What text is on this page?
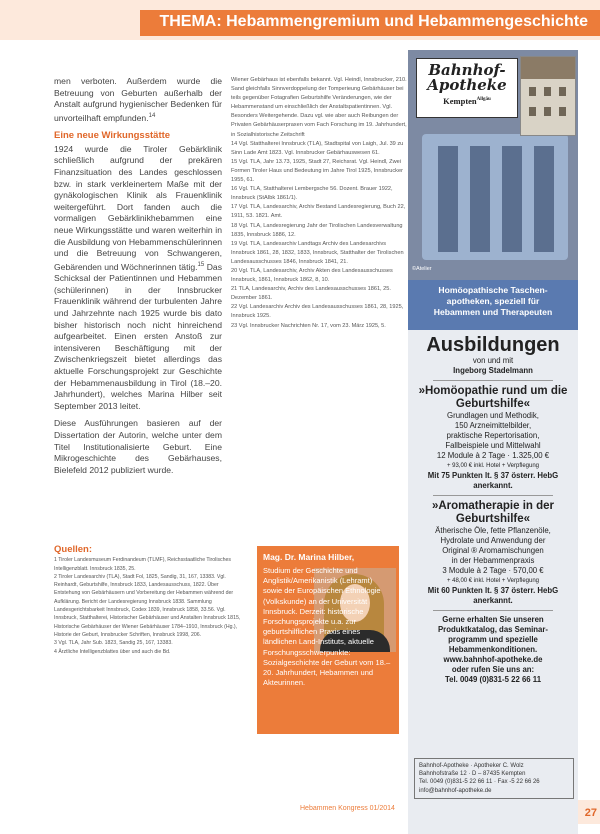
THEMA: Hebammengremium und Hebammengeschichte

men verboten. Außerdem wurde die Betreuung von Geburten außerhalb der Anstalt aufgrund hygienischer Bedenken für unvorteilhaft empfunden.$^{14}$

Eine neue Wirkungsstätte

1924 wurde die Tiroler Gebärklinik schließlich aufgrund der prekären Finanzsituation des Landes geschlossen bzw. in stark verkleinertem Maße mit der gynäkologischen Klinik als Frauenklinik weitergeführt. Dort fanden auch die vormaligen Gebärklinikhebammen eine neue Wirkungsstätte und waren weiterhin in die Ausbildung von Hebammenschülerinnen und die Betreuung von Schwangeren, Gebärenden und Wöchnerinnen tätig.$^{15}$ Das Schicksal der Patientinnen und Hebammen (schülerinnen) in der Innsbrucker Frauenklinik während der turbulenten Jahre und Jahrzehnte nach 1925 wurde bis dato bisher historisch noch nicht hinreichend aufgearbeitet. Einen ersten Anstoß zur intensiveren Beschäftigung mit der Zwischenkriegszeit bietet allerdings das aktuelle Forschungsprojekt zur Geschichte der Hebammenausbildung in Tirol (18.–20. Jahrhundert), welches Marina Hilber seit September 2013 leitet.

Diese Ausführungen basieren auf der Dissertation der Autorin, welche unter dem Titel Institutionalisierte Geburt. Eine Mikrogeschichte des Gebärhauses, Bielefeld 2012 publiziert wurde.

Wiener Gebärhaus ist ebenfalls bekannt. Vgl. Heindl, Innsbrucker, 210. Sand gleichfalls Sinnverdoppelung der Tomperieung Gebärhäuser bei teils gegenüber Fotagrafien Geburtshilfe Veränderungen, wie der Hebammenstand um einschließlich der Anstaltspatientinnen. Vgl. Besonders Weitergehende. Dazu vgl. wie aber auch Reibungen der Privaten Gebärhäuserpraxen vom Fach Forschung im 19. Jahrhundert, in Sozialhistorische Zeitschrift

14 Vgl. Statthalterei Innsbruck (TLA), Stadtspital von Laigh, Jul. 39 zu Sinn Lade Amt 1823. Vgl. Innsbrucker Gebärhauswesen 61.

15 Vgl. TLA, Jahr 13.73, 1925, Stadt 27, Reichsrat. Vgl. Heindl, Zwei Formen Tiroler Haus und Bedeutung im Jahre Tirol 1925, Innsbrucker 1955, 61.

16 Vgl. TLA, Statthalterei Lembergsche 56. Dozent. Brauer 1922, Innsbruck (StAIbk 1861/1).

17 Vgl. TLA, Landesarchiv, Archiv Bestand Landesregierung, Buch 22, 1911, 53. 1821. Amt.

18 Vgl. TLA, Landesregierung Jahr der Tirolischen Landesverwaltung 1835, Innsbruck 1886, 12.

19 Vgl. TLA, Landesarchiv Landtags Archiv des Landesarchivs Innsbruck 1861, 28, 1832, 1833, Innsbruck, Statthalter der Tirolischen Landesausschusses 1846, Innsbruck 1841, 21.

20 Vgl. TLA, Landesarchiv, Archiv Akten des Landesausschusses Innsbruck, 1861, Innsbruck 1862, 8, 10.

21 TLA, Landesarchiv, Archiv des Landesausschusses 1861, 25. Dezember 1861.

22 Vgl. Landesarchiv Archiv des Landesausschusses 1861, 28, 1925, Innsbruck 1925.

23 Vgl. Innsbrucker Nachrichten Nr. 17, vom 23. März 1925, 5.

Quellen:

1 Tiroler Landesmuseum Ferdinandeum (TLMF), Reichsstaatliche Tirolisches Intelligenzblatt. Innsbruck 1835, 25.

2 Tiroler Landesarchiv (TLA), Stadt Fol, 1825, Sandig, 31, 167, 13383. Vgl. Reinhardt, Geburtshilfe, Innsbruck 1833, Landesausschuss, 1822. Über Entstehung von Gebärhäusern und Vorbereitung der Hebammen während der Aufklärung. Bericht der Landesregierung Innsbruck 1838. Sammlung Landesgerichtsbarkeit Innsbruck, Codex 1839, Innsbruck 1858, 33.56. Vgl. Innsbruck, Statthalterei, Historischer Gebärhäuser und Anstalten Innsbruck 1815, Historische Gebärhäuser der Wiener Gebärhäuser 1784–1910, Innsbruck (Hg.), Historie der Geburt, Innsbrucker Schriften, Innsbruck 1998, 206.

3 Vgl. TLA, Jahr Sub. 1823, Sandig 25, 167, 13383.

4 Ärztliche Intelligenzblattes über und auch die Bd.

Mag. Dr. Marina Hilber,
Studium der Geschichte und Anglistik/Amerikanistik (Lehramt) sowie der Europäischen Ethnologie (Volkskunde) an der Universität Innsbruck. Derzeit: historische Forschungsprojekte u.a. zur geburtshilflichen Praxis eines ländlichen Land-Instituts, aktuelle Forschungsschwerpunkte: Sozialgeschichte der Geburt vom 18.–20. Jahrhundert, Hebammen und Akteurinnen.
Bahnhof-
Apotheke
Kempten$^{Allgäu}$
©Atelier
Homöopathische Taschen-
apotheken, speziell für
Hebammen und Therapeuten
Ausbildungen
von und mit
Ingeborg Stadelmann
»Homöopathie rund um die Geburtshilfe«
Grundlagen und Methodik,
150 Arzneimittelbilder,
praktische Repertorisation,
Fallbeispiele und Mittelwahl
12 Module à 2 Tage · 1.325,00 €
+ 93,00 € inkl. Hotel + Verpflegung
Mit 75 Punkten lt. § 37 österr. HebG anerkannt.
»Aromatherapie in der Geburtshilfe«
Ätherische Öle, fette Pflanzenöle,
Hydrolate und Anwendung der
Original ® Aromamischungen
in der Hebammenpraxis
3 Module à 2 Tage · 570,00 €
+ 48,00 € inkl. Hotel + Verpflegung
Mit 60 Punkten lt. § 37 österr. HebG anerkannt.
Gerne erhalten Sie unseren
Produktkatalog, das Seminar-
programm und spezielle
Hebammenkonditionen.
www.bahnhof-apotheke.de
oder rufen Sie uns an:
Tel. 0049 (0)831-5 22 66 11
Bahnhof-Apotheke · Apotheker C. Wolz
Bahnhofstraße 12 · D – 87435 Kempten
Tel. 0049 (0)831-5 22 66 11 · Fax -5 22 66 26
info@bahnhof-apotheke.de
Hebammen Kongress 01/2014	27
